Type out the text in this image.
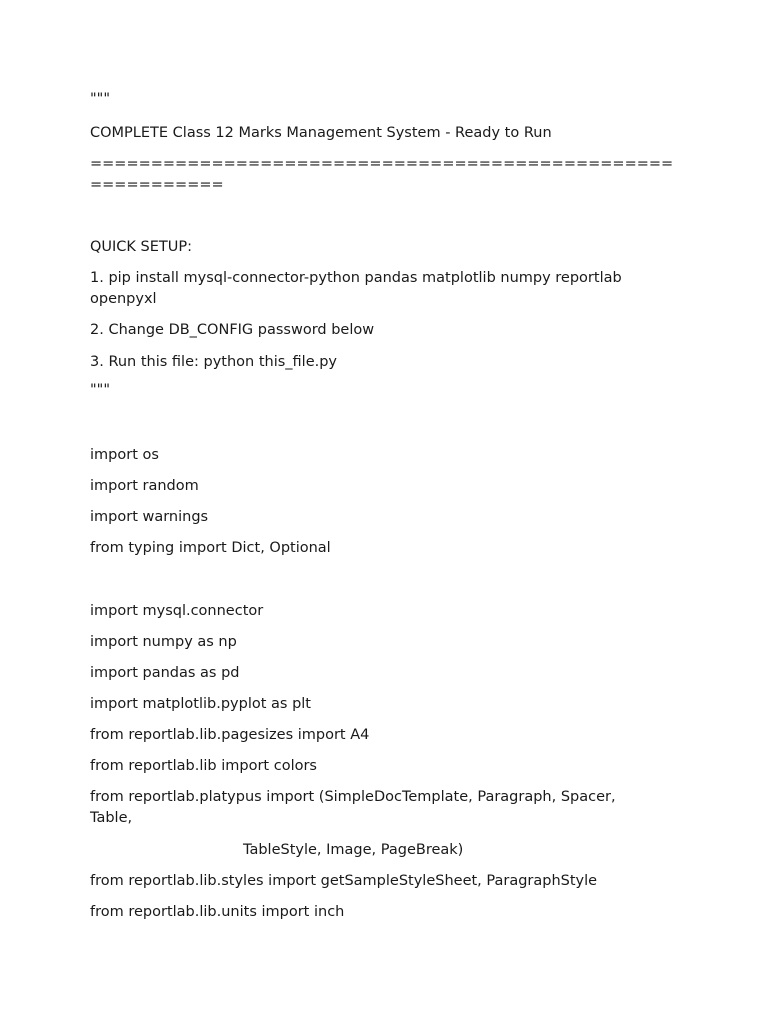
"""
COMPLETE Class 12 Marks Management System - Ready to Run
================================================
===========
QUICK SETUP:
1. pip install mysql-connector-python pandas matplotlib numpy reportlab
openpyxl
2. Change DB_CONFIG password below
3. Run this file: python this_file.py
"""
import os
import random
import warnings
from typing import Dict, Optional
import mysql.connector
import numpy as np
import pandas as pd
import matplotlib.pyplot as plt
from reportlab.lib.pagesizes import A4
from reportlab.lib import colors
from reportlab.platypus import (SimpleDocTemplate, Paragraph, Spacer,
Table,
TableStyle, Image, PageBreak)
from reportlab.lib.styles import getSampleStyleSheet, ParagraphStyle
from reportlab.lib.units import inch
